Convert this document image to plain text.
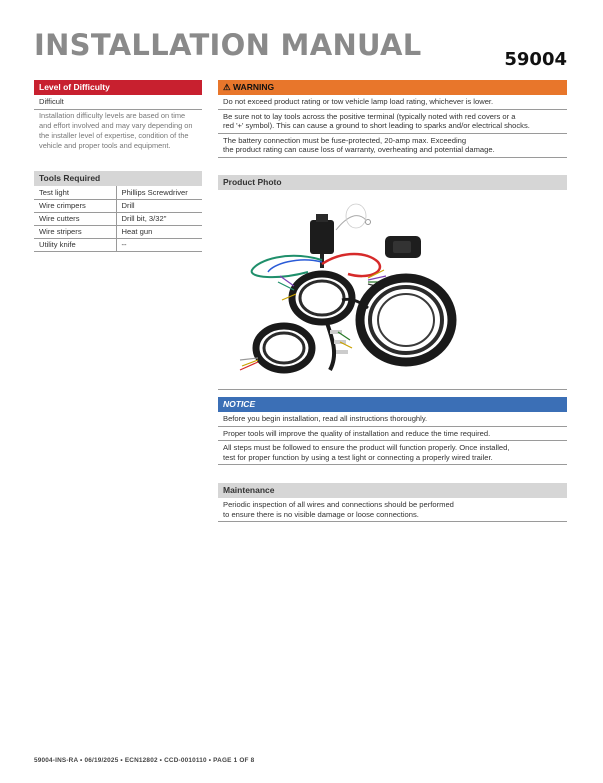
INSTALLATION MANUAL	59004
Level of Difficulty
Difficult
Installation difficulty levels are based on time
and effort involved and may vary depending on
the installer level of expertise, condition of the
vehicle and proper tools and equipment.
Tools Required
Test light	Phillips Screwdriver
Wire crimpers	Drill
Wire cutters	Drill bit, 3/32"
Wire stripers	Heat gun
Utility knife	--
⚠ WARNING
Do not exceed product rating or tow vehicle lamp load rating, whichever is lower.
Be sure not to lay tools across the positive terminal (typically noted with red covers or a
red '+' symbol). This can cause a ground to short leading to sparks and/or electrical shocks.
The battery connection must be fuse-protected, 20-amp max. Exceeding
the product rating can cause loss of warranty, overheating and potential damage.
Product Photo
NOTICE
Before you begin installation, read all instructions thoroughly.
Proper tools will improve the quality of installation and reduce the time required.
All steps must be followed to ensure the product will function properly. Once installed,
test for proper function by using a test light or connecting a properly wired trailer.
Maintenance
Periodic inspection of all wires and connections should be performed
to ensure there is no visible damage or loose connections.
59004-INS-RA • 06/19/2025 • ECN12802 • CCD-0010110 • PAGE 1 OF 8
